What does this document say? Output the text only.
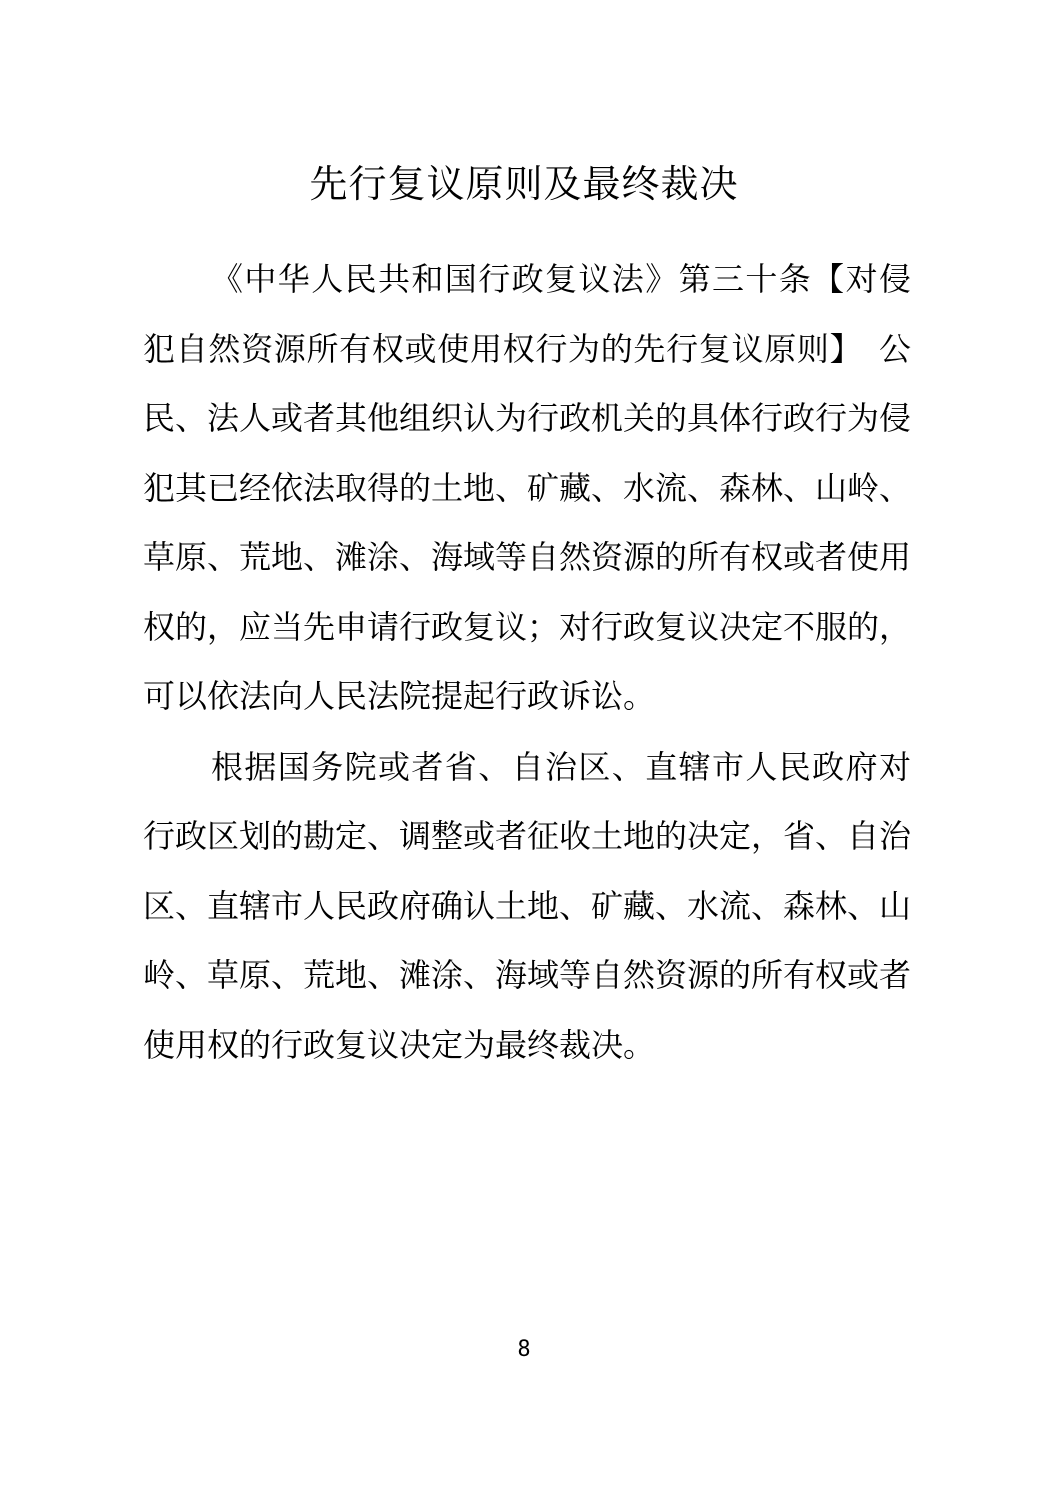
先行复议原则及最终裁决

《中华人民共和国行政复议法》第三十条【对侵犯自然资源所有权或使用权行为的先行复议原则】　公民、法人或者其他组织认为行政机关的具体行政行为侵犯其已经依法取得的土地、矿藏、水流、森林、山岭、草原、荒地、滩涂、海域等自然资源的所有权或者使用权的，应当先申请行政复议；对行政复议决定不服的，可以依法向人民法院提起行政诉讼。

根据国务院或者省、自治区、直辖市人民政府对行政区划的勘定、调整或者征收土地的决定，省、自治区、直辖市人民政府确认土地、矿藏、水流、森林、山岭、草原、荒地、滩涂、海域等自然资源的所有权或者使用权的行政复议决定为最终裁决。

8
